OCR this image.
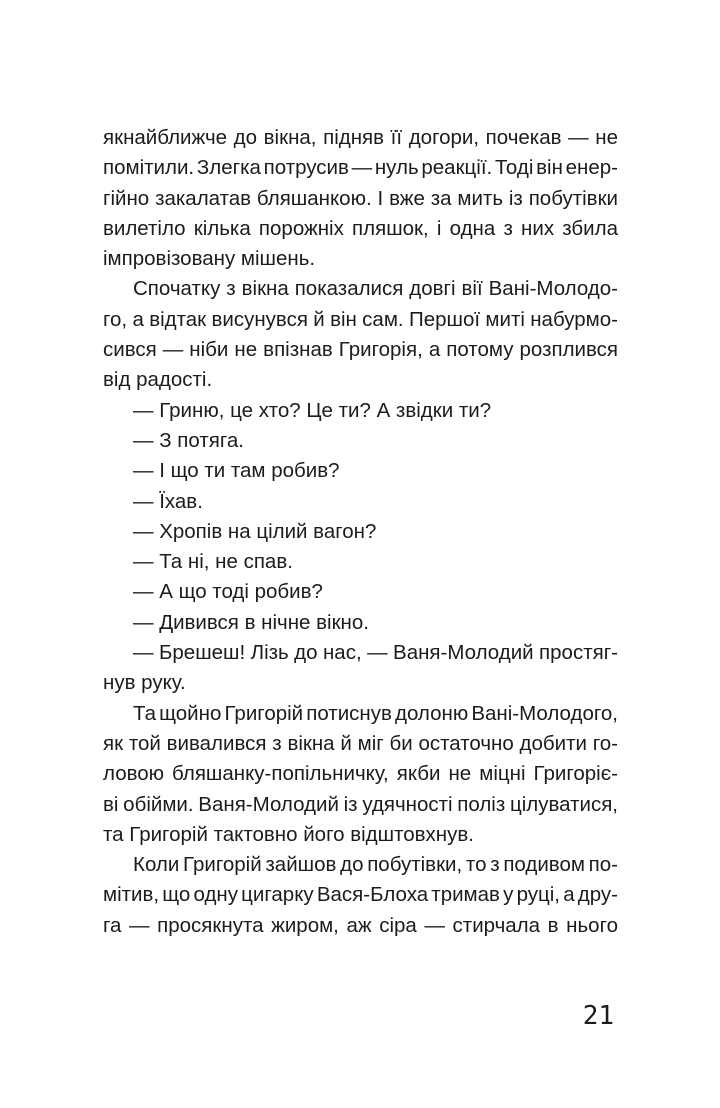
якнайближче до вікна, підняв її догори, почекав — не
помітили. Злегка потрусив — нуль реакції. Тоді він енер-
гійно закалатав бляшанкою. І вже за мить із побутівки
вилетіло кілька порожніх пляшок, і одна з них збила
імпровізовану мішень.
Спочатку з вікна показалися довгі вії Вані-Молодо-
го, а відтак висунувся й він сам. Першої миті набурмо-
сився — ніби не впізнав Григорія, а потому розплився
від радості.
— Гриню, це хто? Це ти? А звідки ти?
— З потяга.
— І що ти там робив?
— Їхав.
— Хропів на цілий вагон?
— Та ні, не спав.
— А що тоді робив?
— Дивився в нічне вікно.
— Брешеш! Лізь до нас, — Ваня-Молодий простяг-
нув руку.
Та щойно Григорій потиснув долоню Вані-Молодого,
як той вивалився з вікна й міг би остаточно добити го-
ловою бляшанку-попільничку, якби не міцні Григоріє-
ві обійми. Ваня-Молодий із удячності поліз цілуватися,
та Григорій тактовно його відштовхнув.
Коли Григорій зайшов до побутівки, то з подивом по-
мітив, що одну цигарку Вася-Блоха тримав у руці, а дру-
га — просякнута жиром, аж сіра — стирчала в нього
21
